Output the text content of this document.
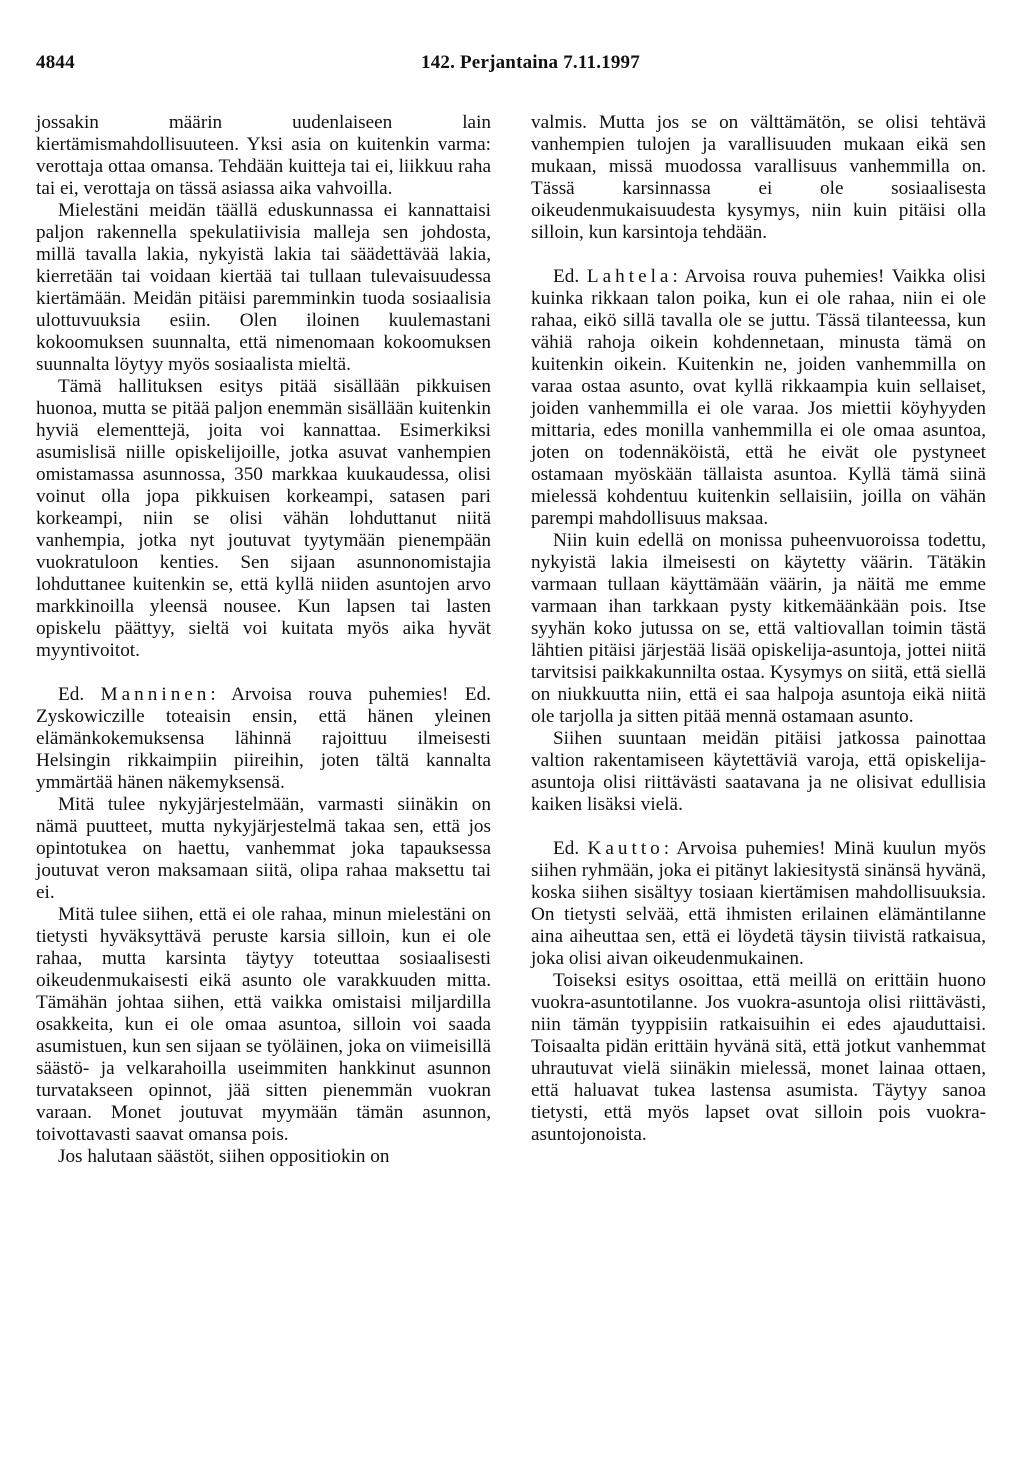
4844	142. Perjantaina 7.11.1997

jossakin määrin uudenlaiseen lain kiertämismahdollisuuteen. Yksi asia on kuitenkin varma: verottaja ottaa omansa. Tehdään kuitteja tai ei, liikkuu raha tai ei, verottaja on tässä asiassa aika vahvoilla.

Mielestäni meidän täällä eduskunnassa ei kannattaisi paljon rakennella spekulatiivisia malleja sen johdosta, millä tavalla lakia, nykyistä lakia tai säädettävää lakia, kierretään tai voidaan kiertää tai tullaan tulevaisuudessa kiertämään. Meidän pitäisi paremminkin tuoda sosiaalisia ulottuvuuksia esiin. Olen iloinen kuulemastani kokoomuksen suunnalta, että nimenomaan kokoomuksen suunnalta löytyy myös sosiaalista mieltä.

Tämä hallituksen esitys pitää sisällään pikkuisen huonoa, mutta se pitää paljon enemmän sisällään kuitenkin hyviä elementtejä, joita voi kannattaa. Esimerkiksi asumislisä niille opiskelijoille, jotka asuvat vanhempien omistamassa asunnossa, 350 markkaa kuukaudessa, olisi voinut olla jopa pikkuisen korkeampi, satasen pari korkeampi, niin se olisi vähän lohduttanut niitä vanhempia, jotka nyt joutuvat tyytymään pienempään vuokratuloon kenties. Sen sijaan asunnonomistajia lohduttanee kuitenkin se, että kyllä niiden asuntojen arvo markkinoilla yleensä nousee. Kun lapsen tai lasten opiskelu päättyy, sieltä voi kuitata myös aika hyvät myyntivoitot.

Ed. Manninen: Arvoisa rouva puhemies! Ed. Zyskowiczille toteaisin ensin, että hänen yleinen elämänkokemuksensa lähinnä rajoittuu ilmeisesti Helsingin rikkaimpiin piireihin, joten tältä kannalta ymmärtää hänen näkemyksensä.

Mitä tulee nykyjärjestelmään, varmasti siinäkin on nämä puutteet, mutta nykyjärjestelmä takaa sen, että jos opintotukea on haettu, vanhemmat joka tapauksessa joutuvat veron maksamaan siitä, olipa rahaa maksettu tai ei.

Mitä tulee siihen, että ei ole rahaa, minun mielestäni on tietysti hyväksyttävä peruste karsia silloin, kun ei ole rahaa, mutta karsinta täytyy toteuttaa sosiaalisesti oikeudenmukaisesti eikä asunto ole varakkuuden mitta. Tämähän johtaa siihen, että vaikka omistaisi miljardilla osakkeita, kun ei ole omaa asuntoa, silloin voi saada asumistuen, kun sen sijaan se työläinen, joka on viimeisillä säästö- ja velkarahoilla useimmiten hankkinut asunnon turvatakseen opinnot, jää sitten pienemmän vuokran varaan. Monet joutuvat myymään tämän asunnon, toivottavasti saavat omansa pois.

Jos halutaan säästöt, siihen oppositiokin on

valmis. Mutta jos se on välttämätön, se olisi tehtävä vanhempien tulojen ja varallisuuden mukaan eikä sen mukaan, missä muodossa varallisuus vanhemmilla on. Tässä karsinnassa ei ole sosiaalisesta oikeudenmukaisuudesta kysymys, niin kuin pitäisi olla silloin, kun karsintoja tehdään.

Ed. Lahtela: Arvoisa rouva puhemies! Vaikka olisi kuinka rikkaan talon poika, kun ei ole rahaa, niin ei ole rahaa, eikö sillä tavalla ole se juttu. Tässä tilanteessa, kun vähiä rahoja oikein kohdennetaan, minusta tämä on kuitenkin oikein. Kuitenkin ne, joiden vanhemmilla on varaa ostaa asunto, ovat kyllä rikkaampia kuin sellaiset, joiden vanhemmilla ei ole varaa. Jos miettii köyhyyden mittaria, edes monilla vanhemmilla ei ole omaa asuntoa, joten on todennäköistä, että he eivät ole pystyneet ostamaan myöskään tällaista asuntoa. Kyllä tämä siinä mielessä kohdentuu kuitenkin sellaisiin, joilla on vähän parempi mahdollisuus maksaa.

Niin kuin edellä on monissa puheenvuoroissa todettu, nykyistä lakia ilmeisesti on käytetty väärin. Tätäkin varmaan tullaan käyttämään väärin, ja näitä me emme varmaan ihan tarkkaan pysty kitkemäänkään pois. Itse syyhän koko jutussa on se, että valtiovallan toimin tästä lähtien pitäisi järjestää lisää opiskelija-asuntoja, jottei niitä tarvitsisi paikkakunnilta ostaa. Kysymys on siitä, että siellä on niukkuutta niin, että ei saa halpoja asuntoja eikä niitä ole tarjolla ja sitten pitää mennä ostamaan asunto.

Siihen suuntaan meidän pitäisi jatkossa painottaa valtion rakentamiseen käytettäviä varoja, että opiskelija-asuntoja olisi riittävästi saatavana ja ne olisivat edullisia kaiken lisäksi vielä.

Ed. Kautto: Arvoisa puhemies! Minä kuulun myös siihen ryhmään, joka ei pitänyt lakiesitystä sinänsä hyvänä, koska siihen sisältyy tosiaan kiertämisen mahdollisuuksia. On tietysti selvää, että ihmisten erilainen elämäntilanne aina aiheuttaa sen, että ei löydetä täysin tiivistä ratkaisua, joka olisi aivan oikeudenmukainen.

Toiseksi esitys osoittaa, että meillä on erittäin huono vuokra-asuntotilanne. Jos vuokra-asuntoja olisi riittävästi, niin tämän tyyppisiin ratkaisuihin ei edes ajauduttaisi. Toisaalta pidän erittäin hyvänä sitä, että jotkut vanhemmat uhrautuvat vielä siinäkin mielessä, monet lainaa ottaen, että haluavat tukea lastensa asumista. Täytyy sanoa tietysti, että myös lapset ovat silloin pois vuokra-asuntojonoista.
